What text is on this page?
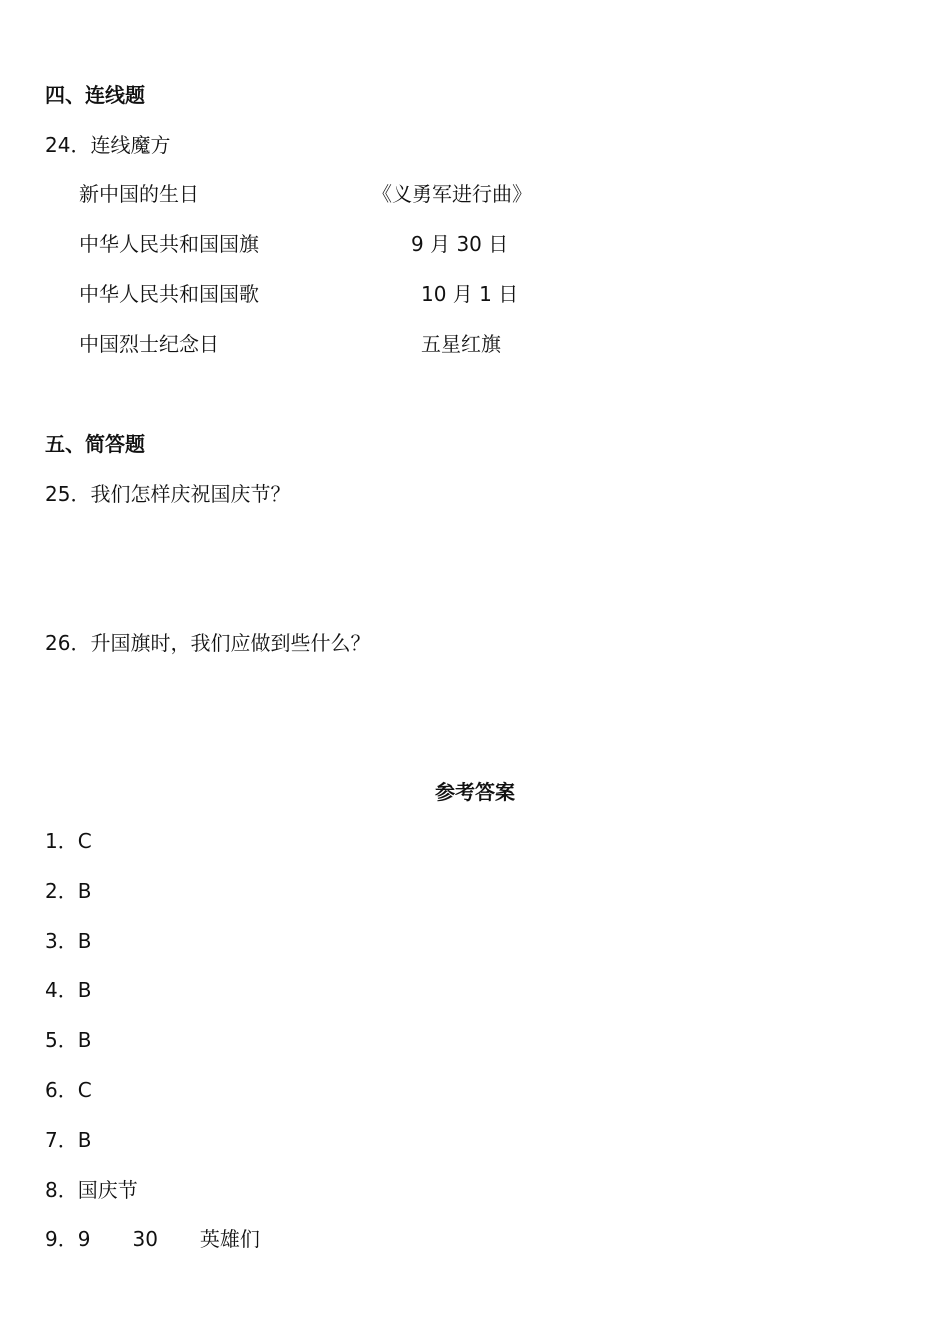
四、连线题
24．连线魔方
新中国的生日	《义勇军进行曲》
中华人民共和国国旗	9 月 30 日
中华人民共和国国歌	10 月 1 日
中国烈士纪念日	五星红旗
五、简答题
25．我们怎样庆祝国庆节？
26．升国旗时，我们应做到些什么？
参考答案
1．C
2．B
3．B
4．B
5．B
6．C
7．B
8．国庆节
9．9 30 英雄们
